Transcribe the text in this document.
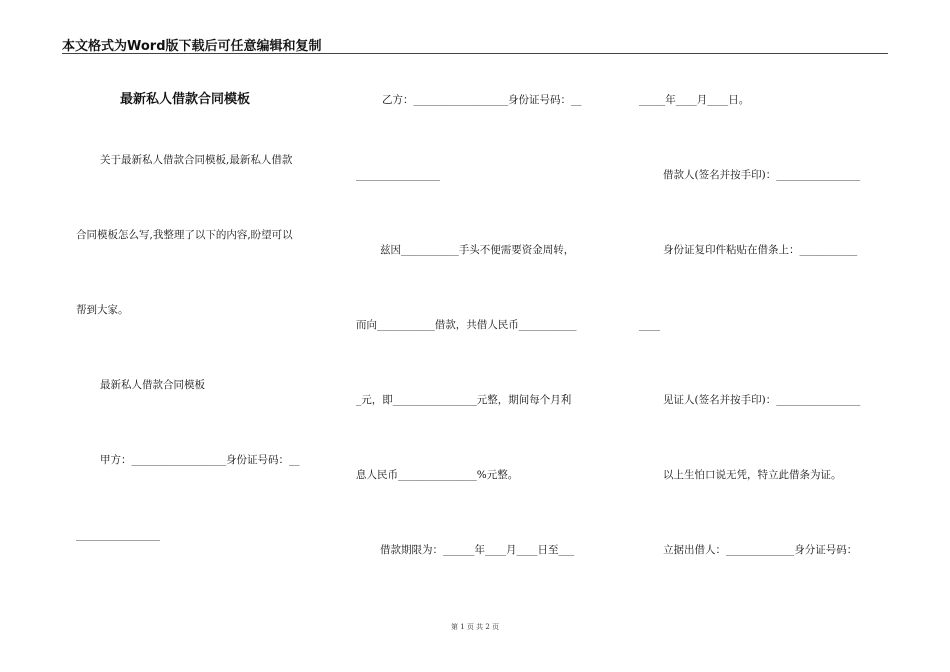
本文格式为Word版下载后可任意编辑和复制
最新私人借款合同模板
关于最新私人借款合同模板,最新私人借款
合同模板怎么写,我整理了以下的内容,盼望可以
帮到大家。
最新私人借款合同模板
甲方：__________________身份证号码：__
________________
乙方：__________________身份证号码：__
________________
兹因___________手头不便需要资金周转，
而向___________借款，共借人民币___________
_元，即________________元整，期间每个月利
息人民币_______________%元整。
借款期限为：______年____月____日至___
_____年____月____日。
借款人(签名并按手印)：________________
身份证复印件粘贴在借条上：___________
____
见证人(签名并按手印)：________________
以上生怕口说无凭，特立此借条为证。
立据出借人：_____________身分证号码：
第 1 页 共 2 页
